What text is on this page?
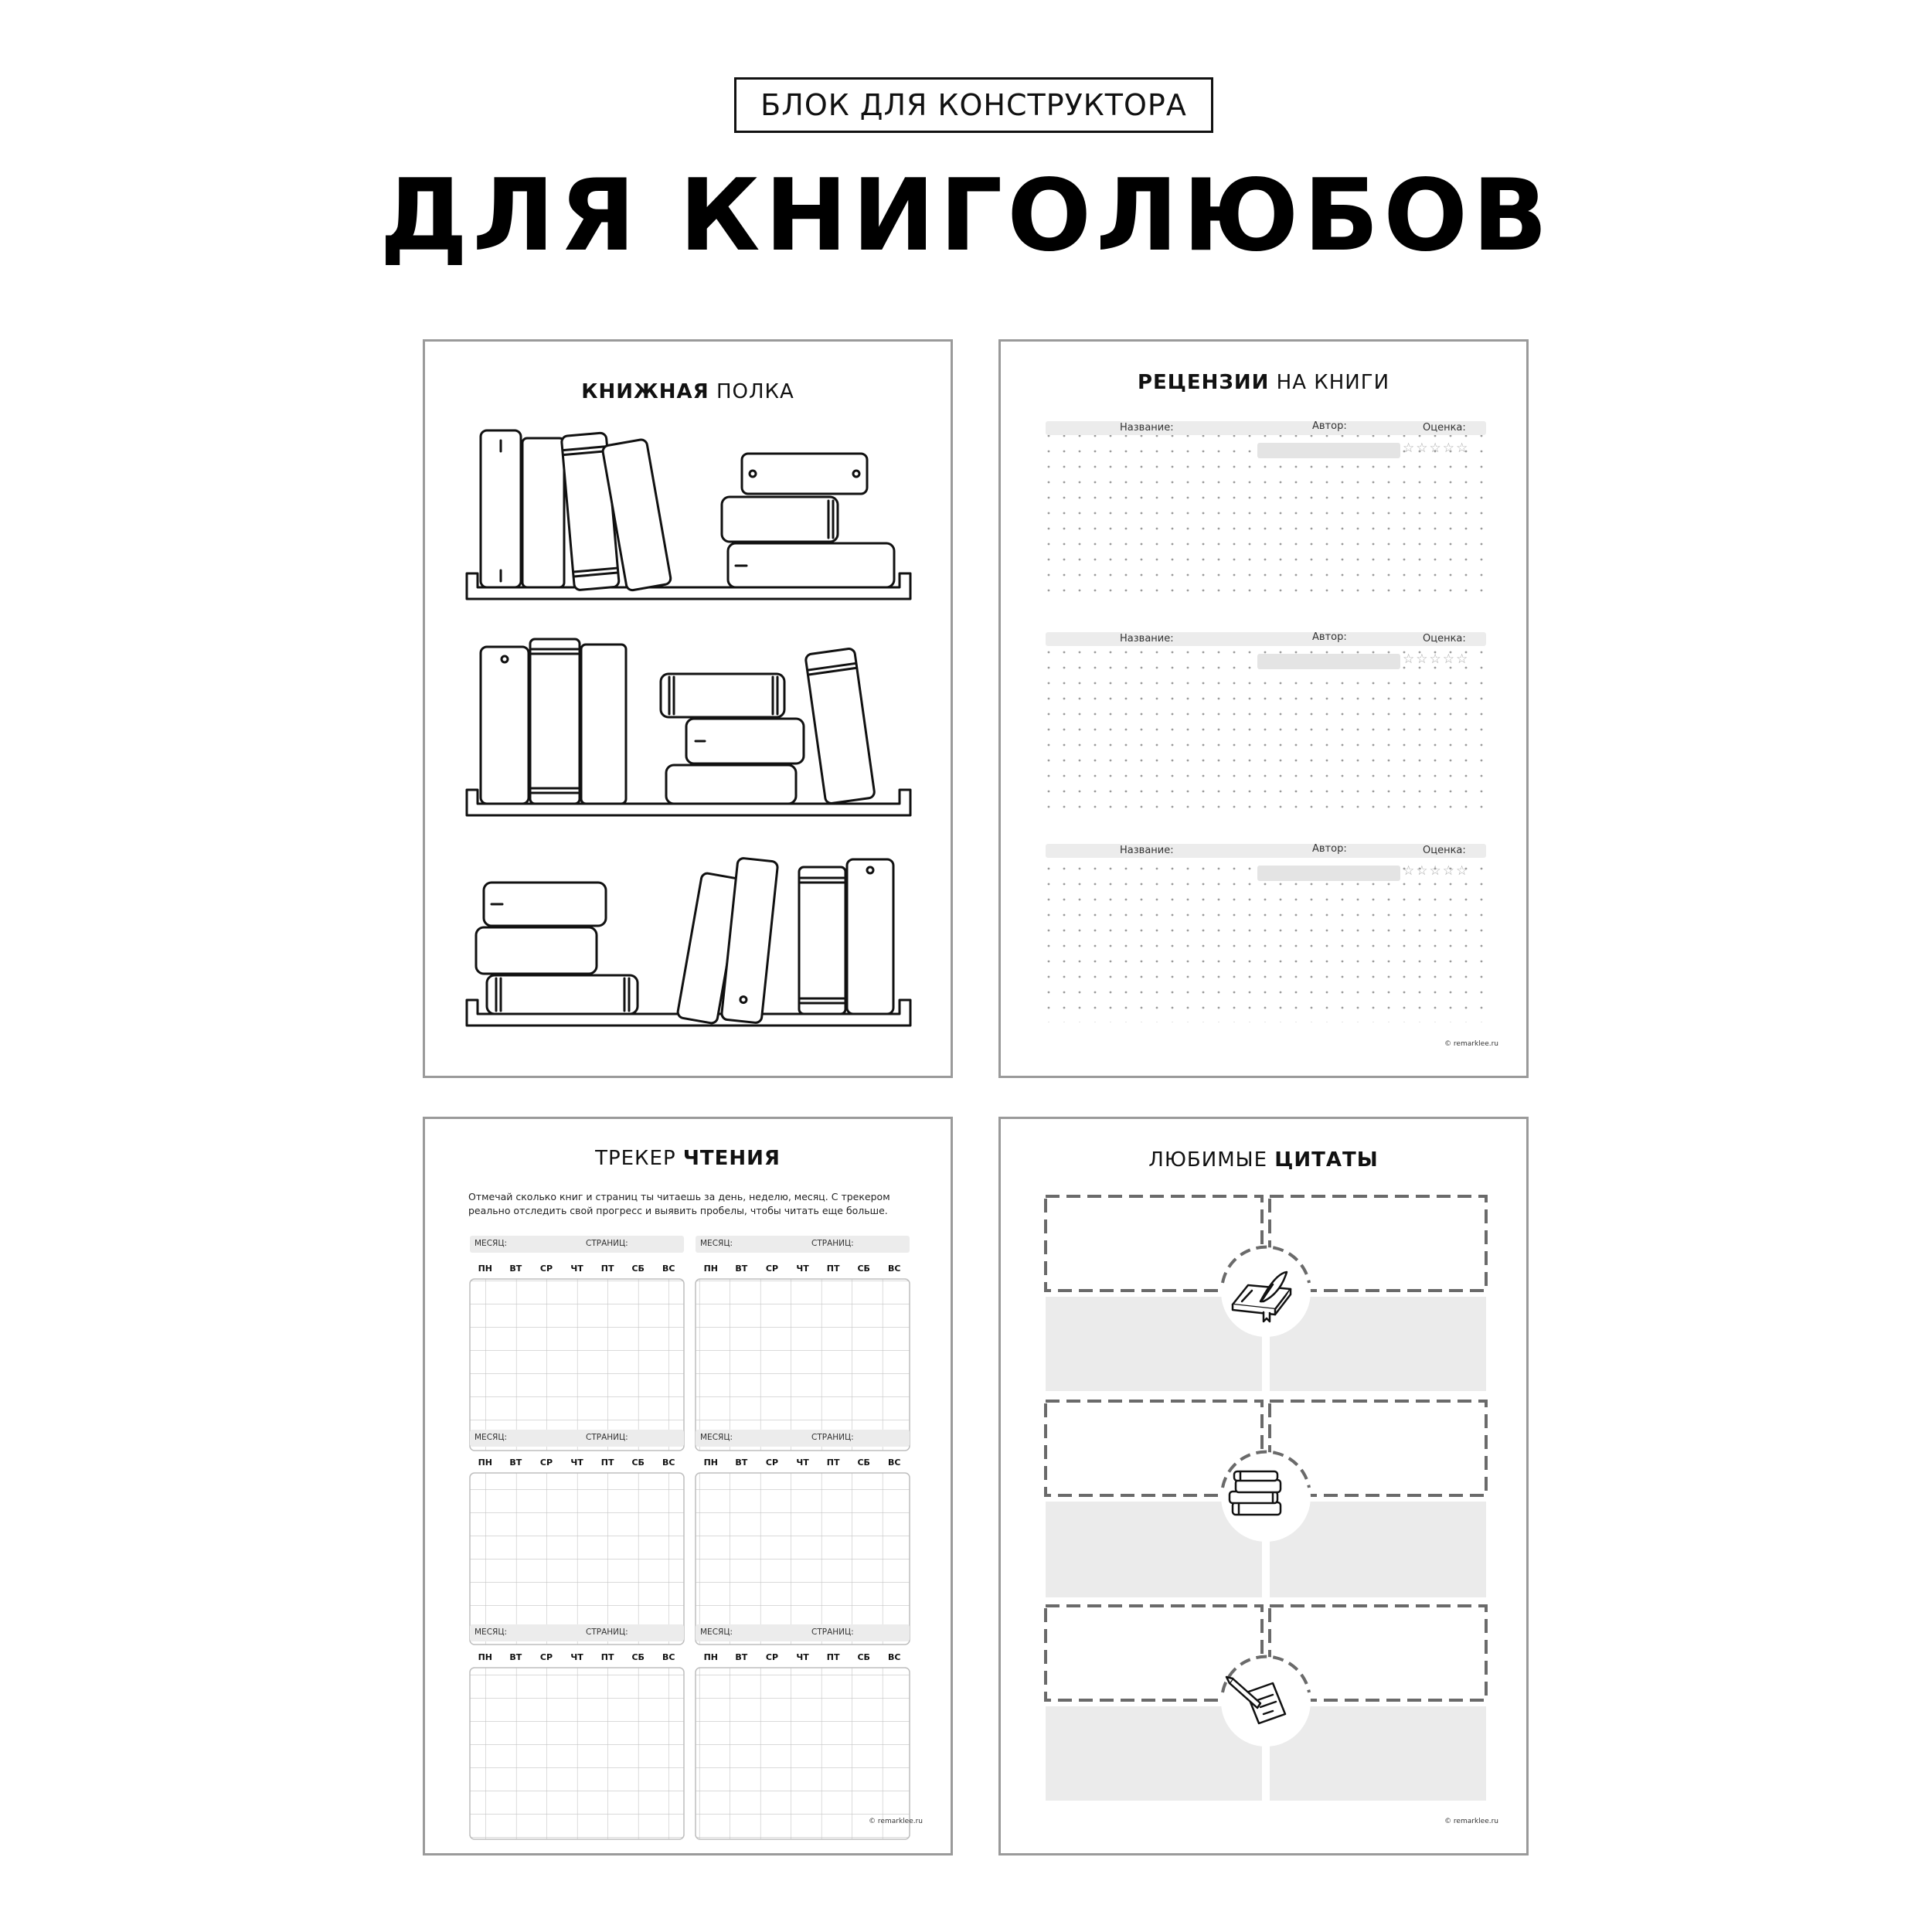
БЛОК ДЛЯ КОНСТРУКТОРА
ДЛЯ КНИГОЛЮБОВ
КНИЖНАЯ ПОЛКА	РЕЦЕНЗИИ НА КНИГИ
Название:	Автор:	Оценка:
☆☆☆☆☆
Название:	Автор:	Оценка:
☆☆☆☆☆
Название:	Автор:	Оценка:
☆☆☆☆☆
© remarklee.ru
ТРЕКЕР ЧТЕНИЯ
Отмечай сколько книг и страниц ты читаешь за день, неделю, месяц. С трекером реально отследить свой прогресс и выявить пробелы, чтобы читать еще больше.
МЕСЯЦ:	СТРАНИЦ:	МЕСЯЦ:	СТРАНИЦ:
МЕСЯЦ:	СТРАНИЦ:	МЕСЯЦ:	СТРАНИЦ:
МЕСЯЦ:	СТРАНИЦ:	МЕСЯЦ:	СТРАНИЦ:
ПН	ВТ	СР	ЧТ	ПТ	СБ	ВС	ПН	ВТ	СР	ЧТ	ПТ	СБ	ВС
ПН	ВТ	СР	ЧТ	ПТ	СБ	ВС	ПН	ВТ	СР	ЧТ	ПТ	СБ	ВС
ПН	ВТ	СР	ЧТ	ПТ	СБ	ВС	ПН	ВТ	СР	ЧТ	ПТ	СБ	ВС
© remarklee.ru
ЛЮБИМЫЕ ЦИТАТЫ
© remarklee.ru
